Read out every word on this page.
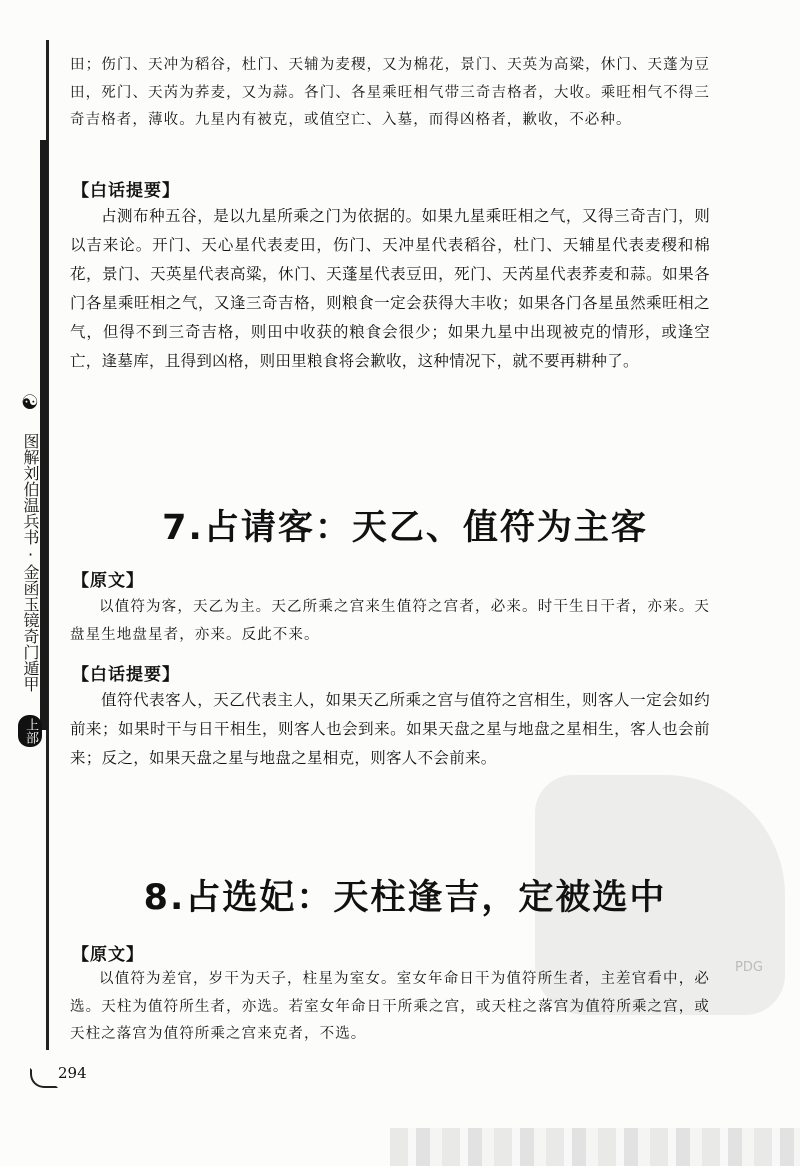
☯ 图解刘伯温兵书·金函玉镜奇门遁甲 上部

田；伤门、天冲为稻谷，杜门、天辅为麦稷，又为棉花，景门、天英为高粱，休门、天蓬为豆田，死门、天芮为荞麦，又为蒜。各门、各星乘旺相气带三奇吉格者，大收。乘旺相气不得三奇吉格者，薄收。九星内有被克，或值空亡、入墓，而得凶格者，歉收，不必种。

【白话提要】

占测布种五谷，是以九星所乘之门为依据的。如果九星乘旺相之气，又得三奇吉门，则以吉来论。开门、天心星代表麦田，伤门、天冲星代表稻谷，杜门、天辅星代表麦稷和棉花，景门、天英星代表高粱，休门、天蓬星代表豆田，死门、天芮星代表荞麦和蒜。如果各门各星乘旺相之气，又逢三奇吉格，则粮食一定会获得大丰收；如果各门各星虽然乘旺相之气，但得不到三奇吉格，则田中收获的粮食会很少；如果九星中出现被克的情形，或逢空亡，逢墓库，且得到凶格，则田里粮食将会歉收，这种情况下，就不要再耕种了。

7.占请客：天乙、值符为主客
【原文】

以值符为客，天乙为主。天乙所乘之宫来生值符之宫者，必来。时干生日干者，亦来。天盘星生地盘星者，亦来。反此不来。

【白话提要】

值符代表客人，天乙代表主人，如果天乙所乘之宫与值符之宫相生，则客人一定会如约前来；如果时干与日干相生，则客人也会到来。如果天盘之星与地盘之星相生，客人也会前来；反之，如果天盘之星与地盘之星相克，则客人不会前来。

PDG
8.占选妃：天柱逢吉，定被选中
【原文】

以值符为差官，岁干为天子，柱星为室女。室女年命日干为值符所生者，主差官看中，必选。天柱为值符所生者，亦选。若室女年命日干所乘之宫，或天柱之落宫为值符所乘之宫，或天柱之落宫为值符所乘之宫来克者，不选。

294
